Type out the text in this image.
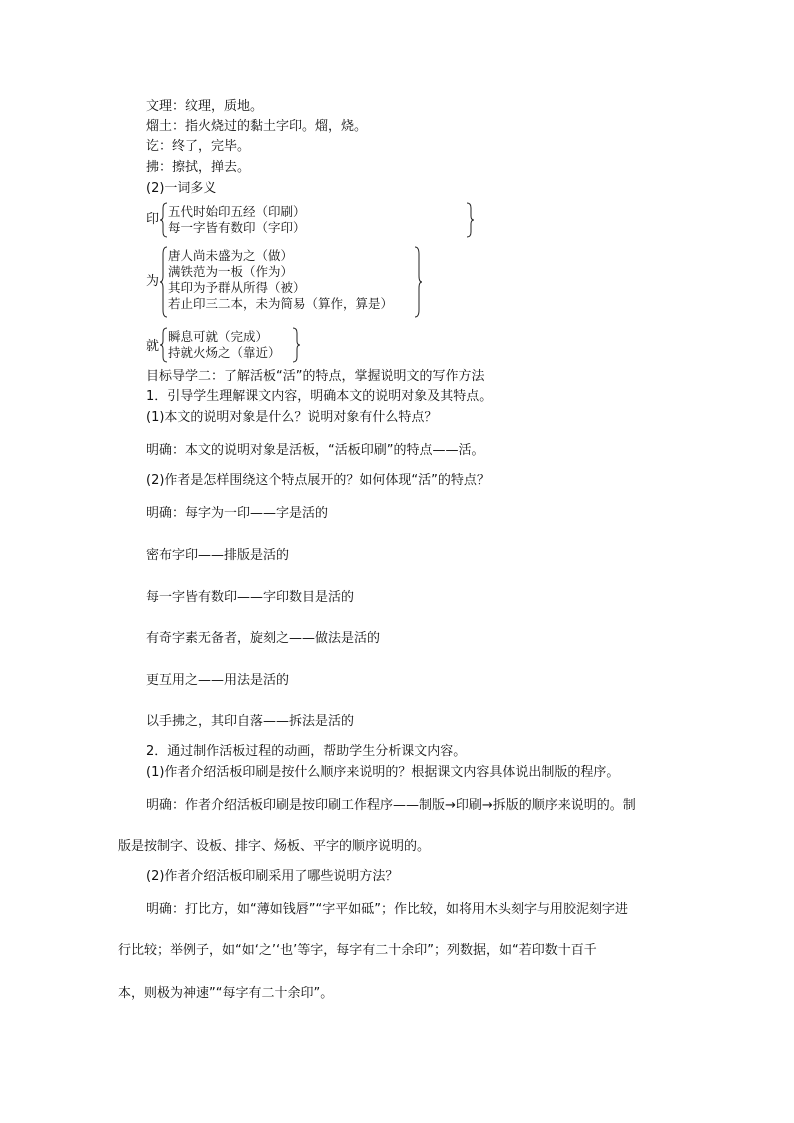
文理：纹理，质地。
熘土：指火烧过的黏土字印。熘，烧。
讫：终了，完毕。
拂：擦拭，掸去。
(2)一词多义
印
五代时始印五经（印刷）
每一字皆有数印（字印）
为
唐人尚未盛为之（做）
满铁范为一板（作为）
其印为予群从所得（被）
若止印三二本，未为简易（算作，算是）
就
瞬息可就（完成）
持就火炀之（靠近）
目标导学二：了解活板“活”的特点，掌握说明文的写作方法
1．引导学生理解课文内容，明确本文的说明对象及其特点。
(1)本文的说明对象是什么？说明对象有什么特点？
明确：本文的说明对象是活板，“活板印刷”的特点——活。
(2)作者是怎样围绕这个特点展开的？如何体现“活”的特点？
明确：每字为一印——字是活的
密布字印——排版是活的
每一字皆有数印——字印数目是活的
有奇字素无备者，旋刻之——做法是活的
更互用之——用法是活的
以手拂之，其印自落——拆法是活的
2．通过制作活板过程的动画，帮助学生分析课文内容。
(1)作者介绍活板印刷是按什么顺序来说明的？根据课文内容具体说出制版的程序。
明确：作者介绍活板印刷是按印刷工作程序——制版→印刷→拆版的顺序来说明的。制
版是按制字、设板、排字、炀板、平字的顺序说明的。
(2)作者介绍活板印刷采用了哪些说明方法？
明确：打比方，如“薄如钱唇”“字平如砥”；作比较，如将用木头刻字与用胶泥刻字进
行比较；举例子，如“如‘之’‘也’等字，每字有二十余印”；列数据，如“若印数十百千
本，则极为神速”“每字有二十余印”。
